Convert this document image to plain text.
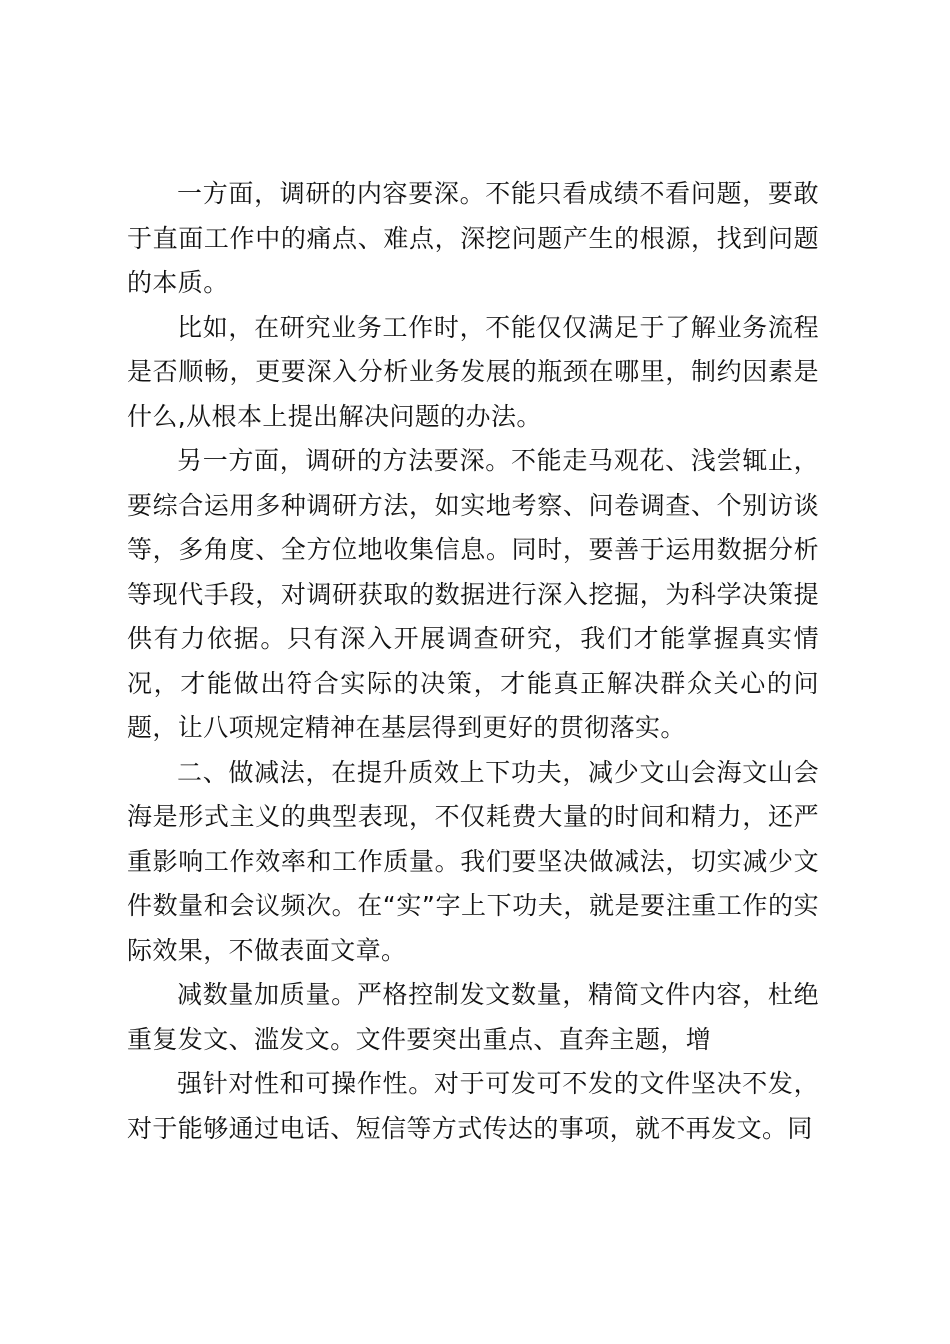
一方面，调研的内容要深。不能只看成绩不看问题，要敢于直面工作中的痛点、难点，深挖问题产生的根源，找到问题的本质。

比如，在研究业务工作时，不能仅仅满足于了解业务流程是否顺畅，更要深入分析业务发展的瓶颈在哪里，制约因素是什么,从根本上提出解决问题的办法。

另一方面，调研的方法要深。不能走马观花、浅尝辄止，要综合运用多种调研方法，如实地考察、问卷调查、个别访谈等，多角度、全方位地收集信息。同时，要善于运用数据分析等现代手段，对调研获取的数据进行深入挖掘，为科学决策提供有力依据。只有深入开展调查研究，我们才能掌握真实情况，才能做出符合实际的决策，才能真正解决群众关心的问题，让八项规定精神在基层得到更好的贯彻落实。

二、做减法，在提升质效上下功夫，减少文山会海文山会海是形式主义的典型表现，不仅耗费大量的时间和精力，还严重影响工作效率和工作质量。我们要坚决做减法，切实减少文件数量和会议频次。在“实”字上下功夫，就是要注重工作的实际效果，不做表面文章。

减数量加质量。严格控制发文数量，精简文件内容，杜绝重复发文、滥发文。文件要突出重点、直奔主题，增

强针对性和可操作性。对于可发可不发的文件坚决不发，对于能够通过电话、短信等方式传达的事项，就不再发文。同
